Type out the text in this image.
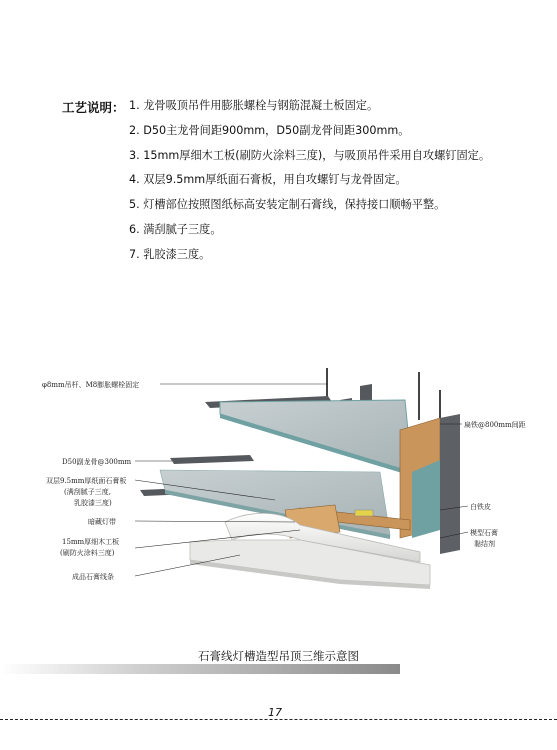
工艺说明： 1. 龙骨吸顶吊件用膨胀螺栓与钢筋混凝土板固定。
2. D50主龙骨间距900mm，D50副龙骨间距300mm。
3. 15mm厚细木工板(刷防火涂料三度)，与吸顶吊件采用自攻螺钉固定。
4. 双层9.5mm厚纸面石膏板，用自攻螺钉与龙骨固定。
5. 灯槽部位按照图纸标高安装定制石膏线，保持接口顺畅平整。
6. 满刮腻子三度。
7. 乳胶漆三度。
φ8mm吊杆、M8膨胀螺栓固定
D50副龙骨@300mm
双层9.5mm厚纸面石膏板
(满刮腻子三度,
乳胶漆三度)
暗藏灯带
15mm厚细木工板
(刷防火涂料三度)
成品石膏线条
扁铁@800mm间距
白铁皮
模型石膏
黏结剂
石膏线灯槽造型吊顶三维示意图
17
